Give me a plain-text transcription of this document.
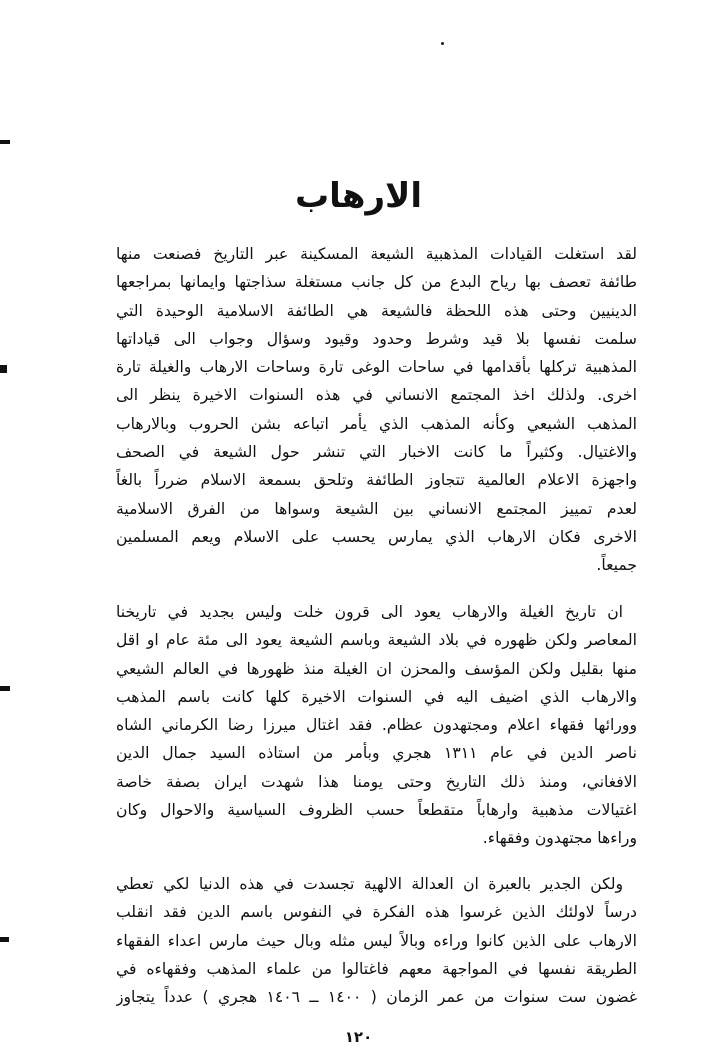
الارهاب
لقد استغلت القيادات المذهبية الشيعة المسكينة عبر التاريخ فصنعت منها
طائفة تعصف بها رياح البدع من كل جانب مستغلة سذاجتها وايمانها بمراجعها
الدينيين وحتى هذه اللحظة فالشيعة هي الطائفة الاسلامية الوحيدة التي
سلمت نفسها بلا قيد وشرط وحدود وقيود وسؤال وجواب الى قياداتها
المذهبية تركلها بأقدامها في ساحات الوغى تارة وساحات الارهاب والغيلة تارة
اخرى. ولذلك اخذ المجتمع الانساني في هذه السنوات الاخيرة ينظر الى
المذهب الشيعي وكأنه المذهب الذي يأمر اتباعه بشن الحروب وبالارهاب
والاغتيال. وكثيراً ما كانت الاخبار التي تنشر حول الشيعة في الصحف
واجهزة الاعلام العالمية تتجاوز الطائفة وتلحق بسمعة الاسلام ضرراً بالغاً
لعدم تمييز المجتمع الانساني بين الشيعة وسواها من الفرق الاسلامية
الاخرى فكان الارهاب الذي يمارس يحسب على الاسلام ويعم المسلمين
جميعاً.
ان تاريخ الغيلة والارهاب يعود الى قرون خلت وليس بجديد في تاريخنا
المعاصر ولكن ظهوره في بلاد الشيعة وباسم الشيعة يعود الى مئة عام او اقل
منها بقليل ولكن المؤسف والمحزن ان الغيلة منذ ظهورها في العالم الشيعي
والارهاب الذي اضيف اليه في السنوات الاخيرة كلها كانت باسم المذهب
وورائها فقهاء اعلام ومجتهدون عظام. فقد اغتال ميرزا رضا الكرماني الشاه
ناصر الدين في عام ١٣١١ هجري وبأمر من استاذه السيد جمال الدين
الافغاني، ومنذ ذلك التاريخ وحتى يومنا هذا شهدت ايران بصفة خاصة
اغتيالات مذهبية وارهاباً متقطعاً حسب الظروف السياسية والاحوال وكان
وراءها مجتهدون وفقهاء.
ولكن الجدير بالعبرة ان العدالة الالهية تجسدت في هذه الدنيا لكي تعطي
درساً لاولئك الذين غرسوا هذه الفكرة في النفوس باسم الدين فقد انقلب
الارهاب على الذين كانوا وراءه وبالاً ليس مثله وبال حيث مارس اعداء الفقهاء
الطريقة نفسها في المواجهة معهم فاغتالوا من علماء المذهب وفقهاءه في
غضون ست سنوات من عمر الزمان ( ١٤٠٠ ــ ١٤٠٦ هجري ) عدداً يتجاوز
١٢٠
